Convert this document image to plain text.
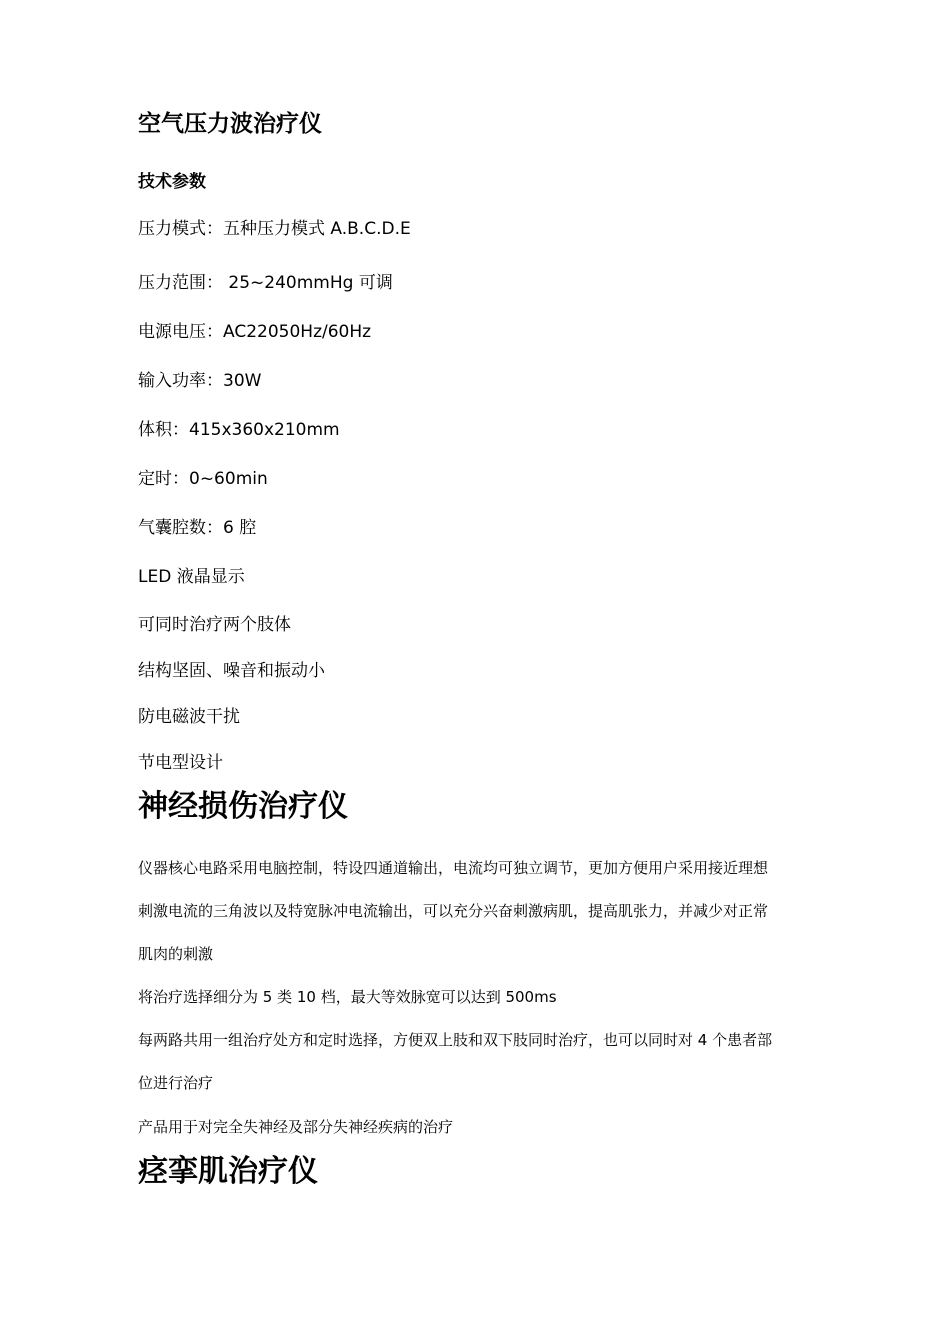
空气压力波治疗仪
技术参数
压力模式：五种压力模式 A.B.C.D.E
压力范围： 25~240mmHg 可调
电源电压：AC22050Hz/60Hz
输入功率：30W
体积：415x360x210mm
定时：0~60min
气囊腔数：6 腔
LED 液晶显示
可同时治疗两个肢体
结构坚固、噪音和振动小
防电磁波干扰
节电型设计
神经损伤治疗仪
仪器核心电路采用电脑控制，特设四通道输出，电流均可独立调节，更加方便用户采用接近理想
刺激电流的三角波以及特宽脉冲电流输出，可以充分兴奋刺激病肌，提高肌张力，并减少对正常
肌肉的刺激
将治疗选择细分为 5 类 10 档，最大等效脉宽可以达到 500ms
每两路共用一组治疗处方和定时选择，方便双上肢和双下肢同时治疗，也可以同时对 4 个患者部
位进行治疗
产品用于对完全失神经及部分失神经疾病的治疗
痉挛肌治疗仪
